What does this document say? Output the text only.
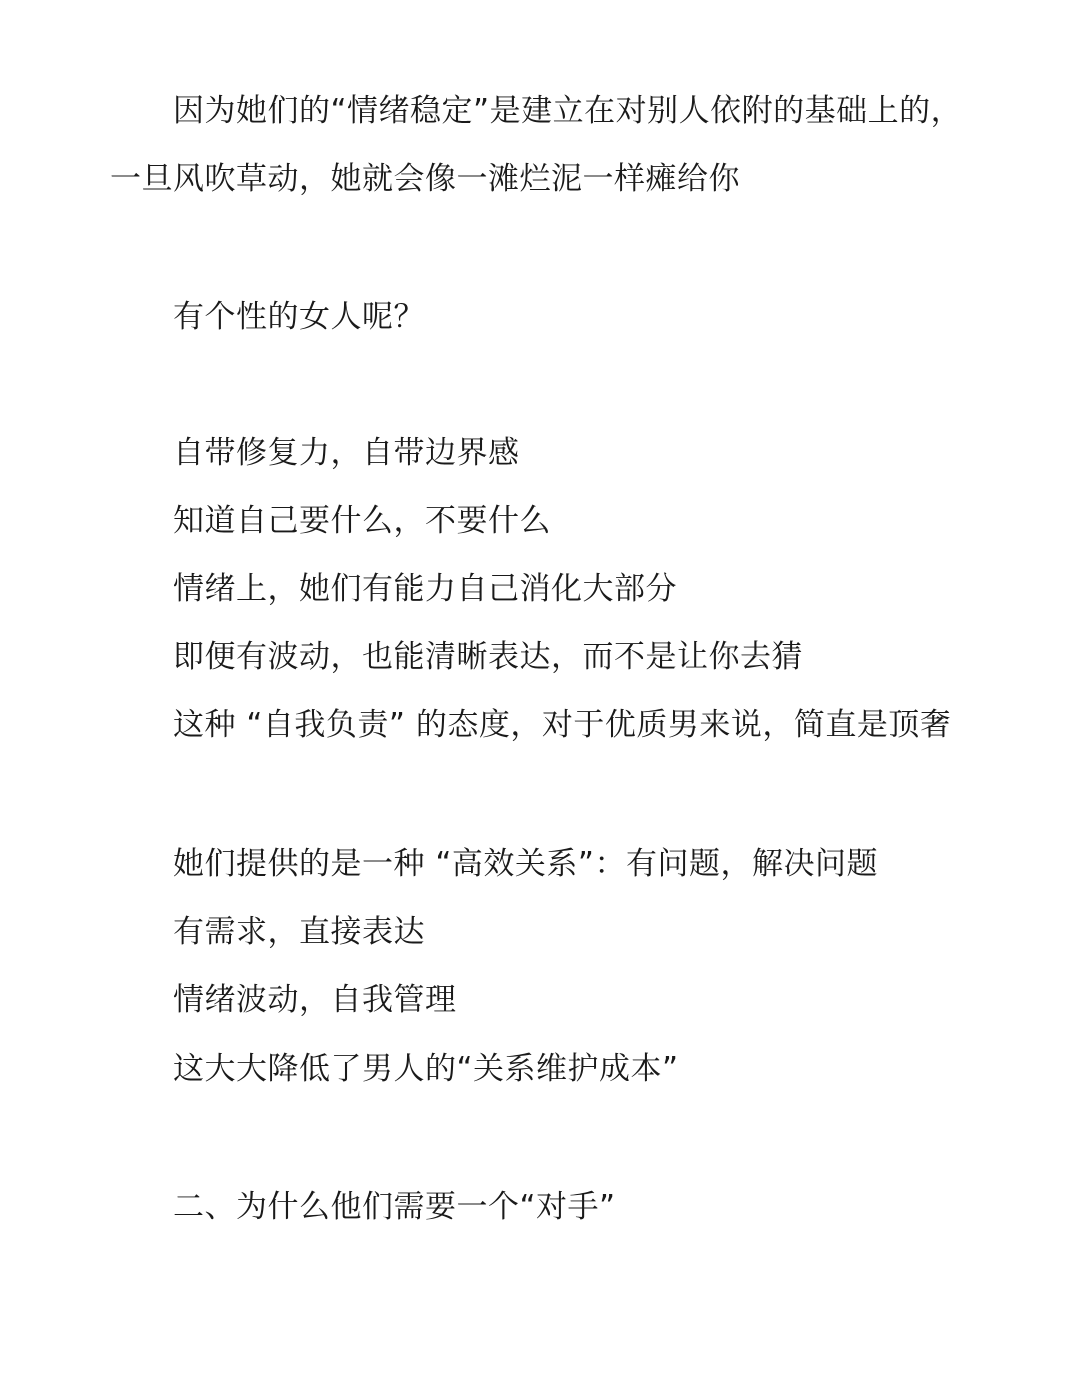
因为她们的“情绪稳定”是建立在对别人依附的基础上的，

一旦风吹草动，她就会像一滩烂泥一样瘫给你

有个性的女人呢？

自带修复力，自带边界感

知道自己要什么，不要什么

情绪上，她们有能力自己消化大部分

即便有波动，也能清晰表达，而不是让你去猜

这种 “自我负责” 的态度，对于优质男来说，简直是顶奢

她们提供的是一种 “高效关系”：有问题，解决问题

有需求，直接表达

情绪波动，自我管理

这大大降低了男人的“关系维护成本”

二、为什么他们需要一个“对手”
